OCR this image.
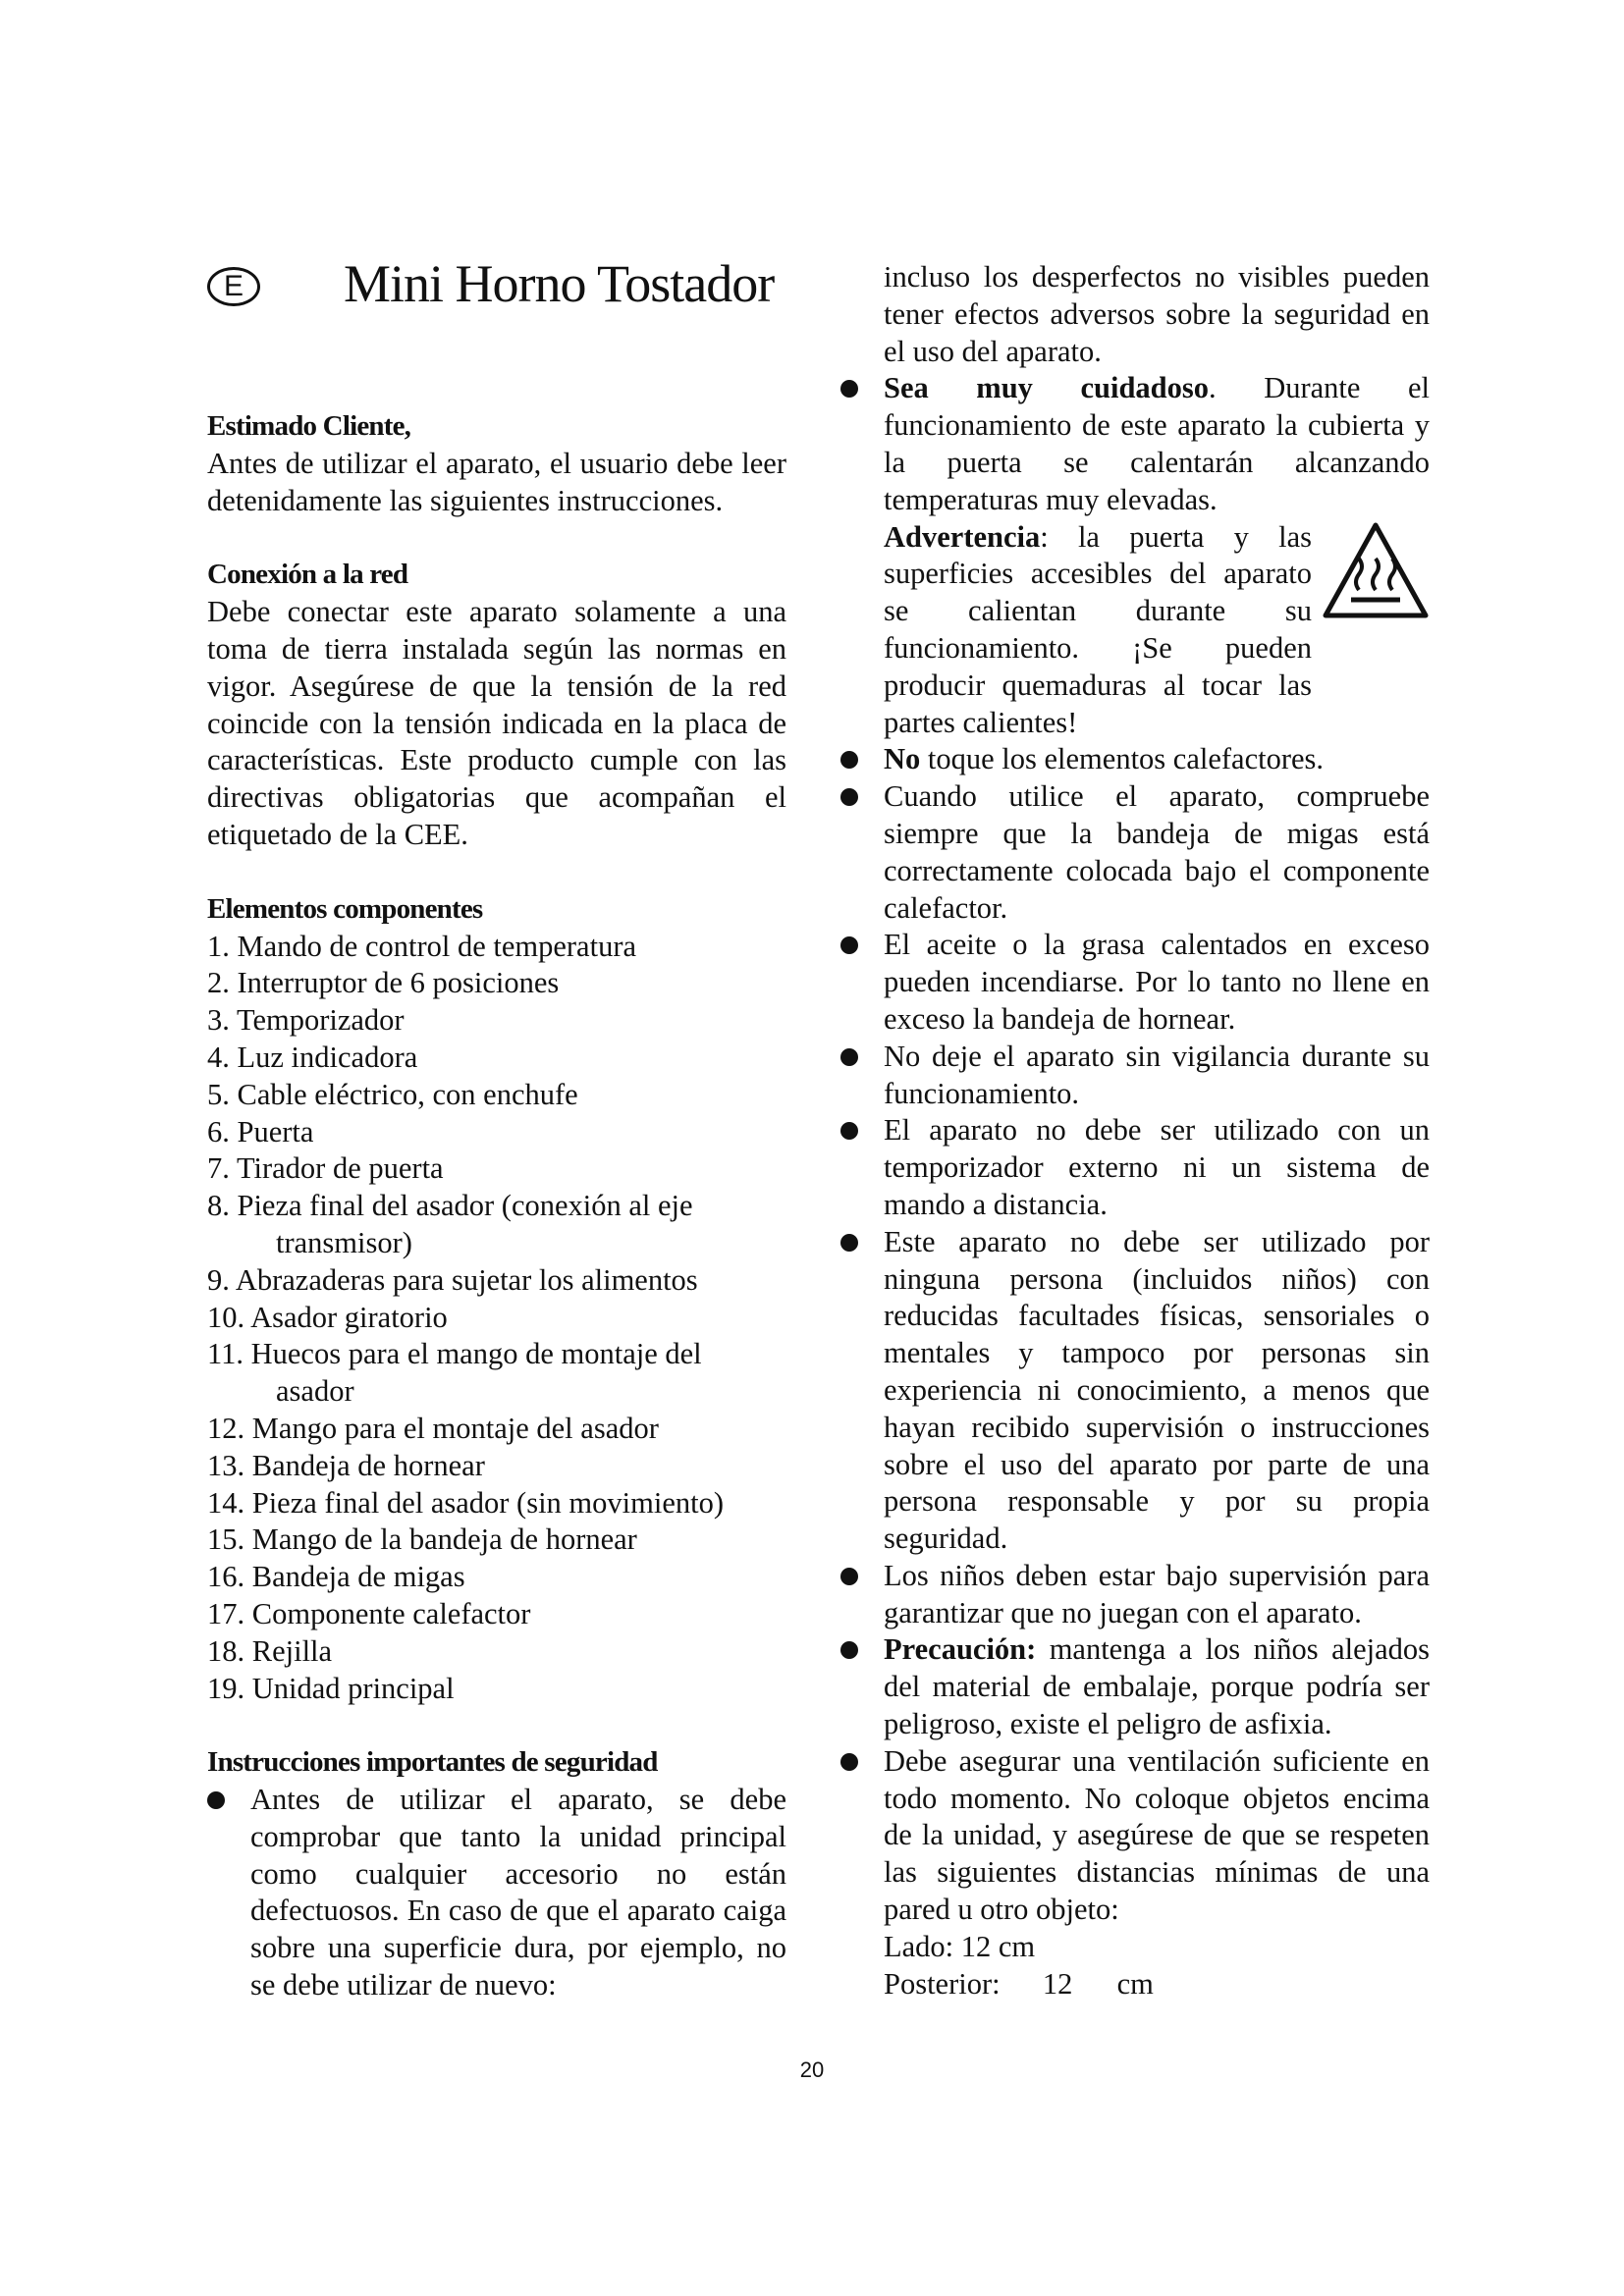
E Mini Horno Tostador
Estimado Cliente,
Antes de utilizar el aparato, el usuario debe leer detenidamente las siguientes instrucciones.
Conexión a la red
Debe conectar este aparato solamente a una toma de tierra instalada según las normas en vigor. Asegúrese de que la tensión de la red coincide con la tensión indicada en la placa de características. Este producto cumple con las directivas obligatorias que acompañan el etiquetado de la CEE.
Elementos componentes
1. Mando de control de temperatura
2. Interruptor de 6 posiciones
3. Temporizador
4. Luz indicadora
5. Cable eléctrico, con enchufe
6. Puerta
7. Tirador de puerta
8. Pieza final del asador (conexión al eje
transmisor)
9. Abrazaderas para sujetar los alimentos
10. Asador giratorio
11. Huecos para el mango de montaje del
asador
12. Mango para el montaje del asador
13. Bandeja de hornear
14. Pieza final del asador (sin movimiento)
15. Mango de la bandeja de hornear
16. Bandeja de migas
17. Componente calefactor
18. Rejilla
19. Unidad principal
Instrucciones importantes de seguridad
Antes de utilizar el aparato, se debe comprobar que tanto la unidad principal como cualquier accesorio no están defectuosos. En caso de que el aparato caiga sobre una superficie dura, por ejemplo, no se debe utilizar de nuevo:
incluso los desperfectos no visibles pueden tener efectos adversos sobre la seguridad en el uso del aparato.
Sea muy cuidadoso. Durante el funcionamiento de este aparato la cubierta y la puerta se calentarán alcanzando temperaturas muy elevadas.
Advertencia: la puerta y las superficies accesibles del aparato se calientan durante su funcionamiento. ¡Se pueden producir quemaduras al tocar las partes calientes!
No toque los elementos calefactores.
Cuando utilice el aparato, compruebe siempre que la bandeja de migas está correctamente colocada bajo el componente calefactor.
El aceite o la grasa calentados en exceso pueden incendiarse. Por lo tanto no llene en exceso la bandeja de hornear.
No deje el aparato sin vigilancia durante su funcionamiento.
El aparato no debe ser utilizado con un temporizador externo ni un sistema de mando a distancia.
Este aparato no debe ser utilizado por ninguna persona (incluidos niños) con reducidas facultades físicas, sensoriales o mentales y tampoco por personas sin experiencia ni conocimiento, a menos que hayan recibido supervisión o instrucciones sobre el uso del aparato por parte de una persona responsable y por su propia seguridad.
Los niños deben estar bajo supervisión para garantizar que no juegan con el aparato.
Precaución: mantenga a los niños alejados del material de embalaje, porque podría ser peligroso, existe el peligro de asfixia.
Debe asegurar una ventilación suficiente en todo momento. No coloque objetos encima de la unidad, y asegúrese de que se respeten las siguientes distancias mínimas de una pared u otro objeto:
Lado: 12 cm
Posterior: 12 cm
20
